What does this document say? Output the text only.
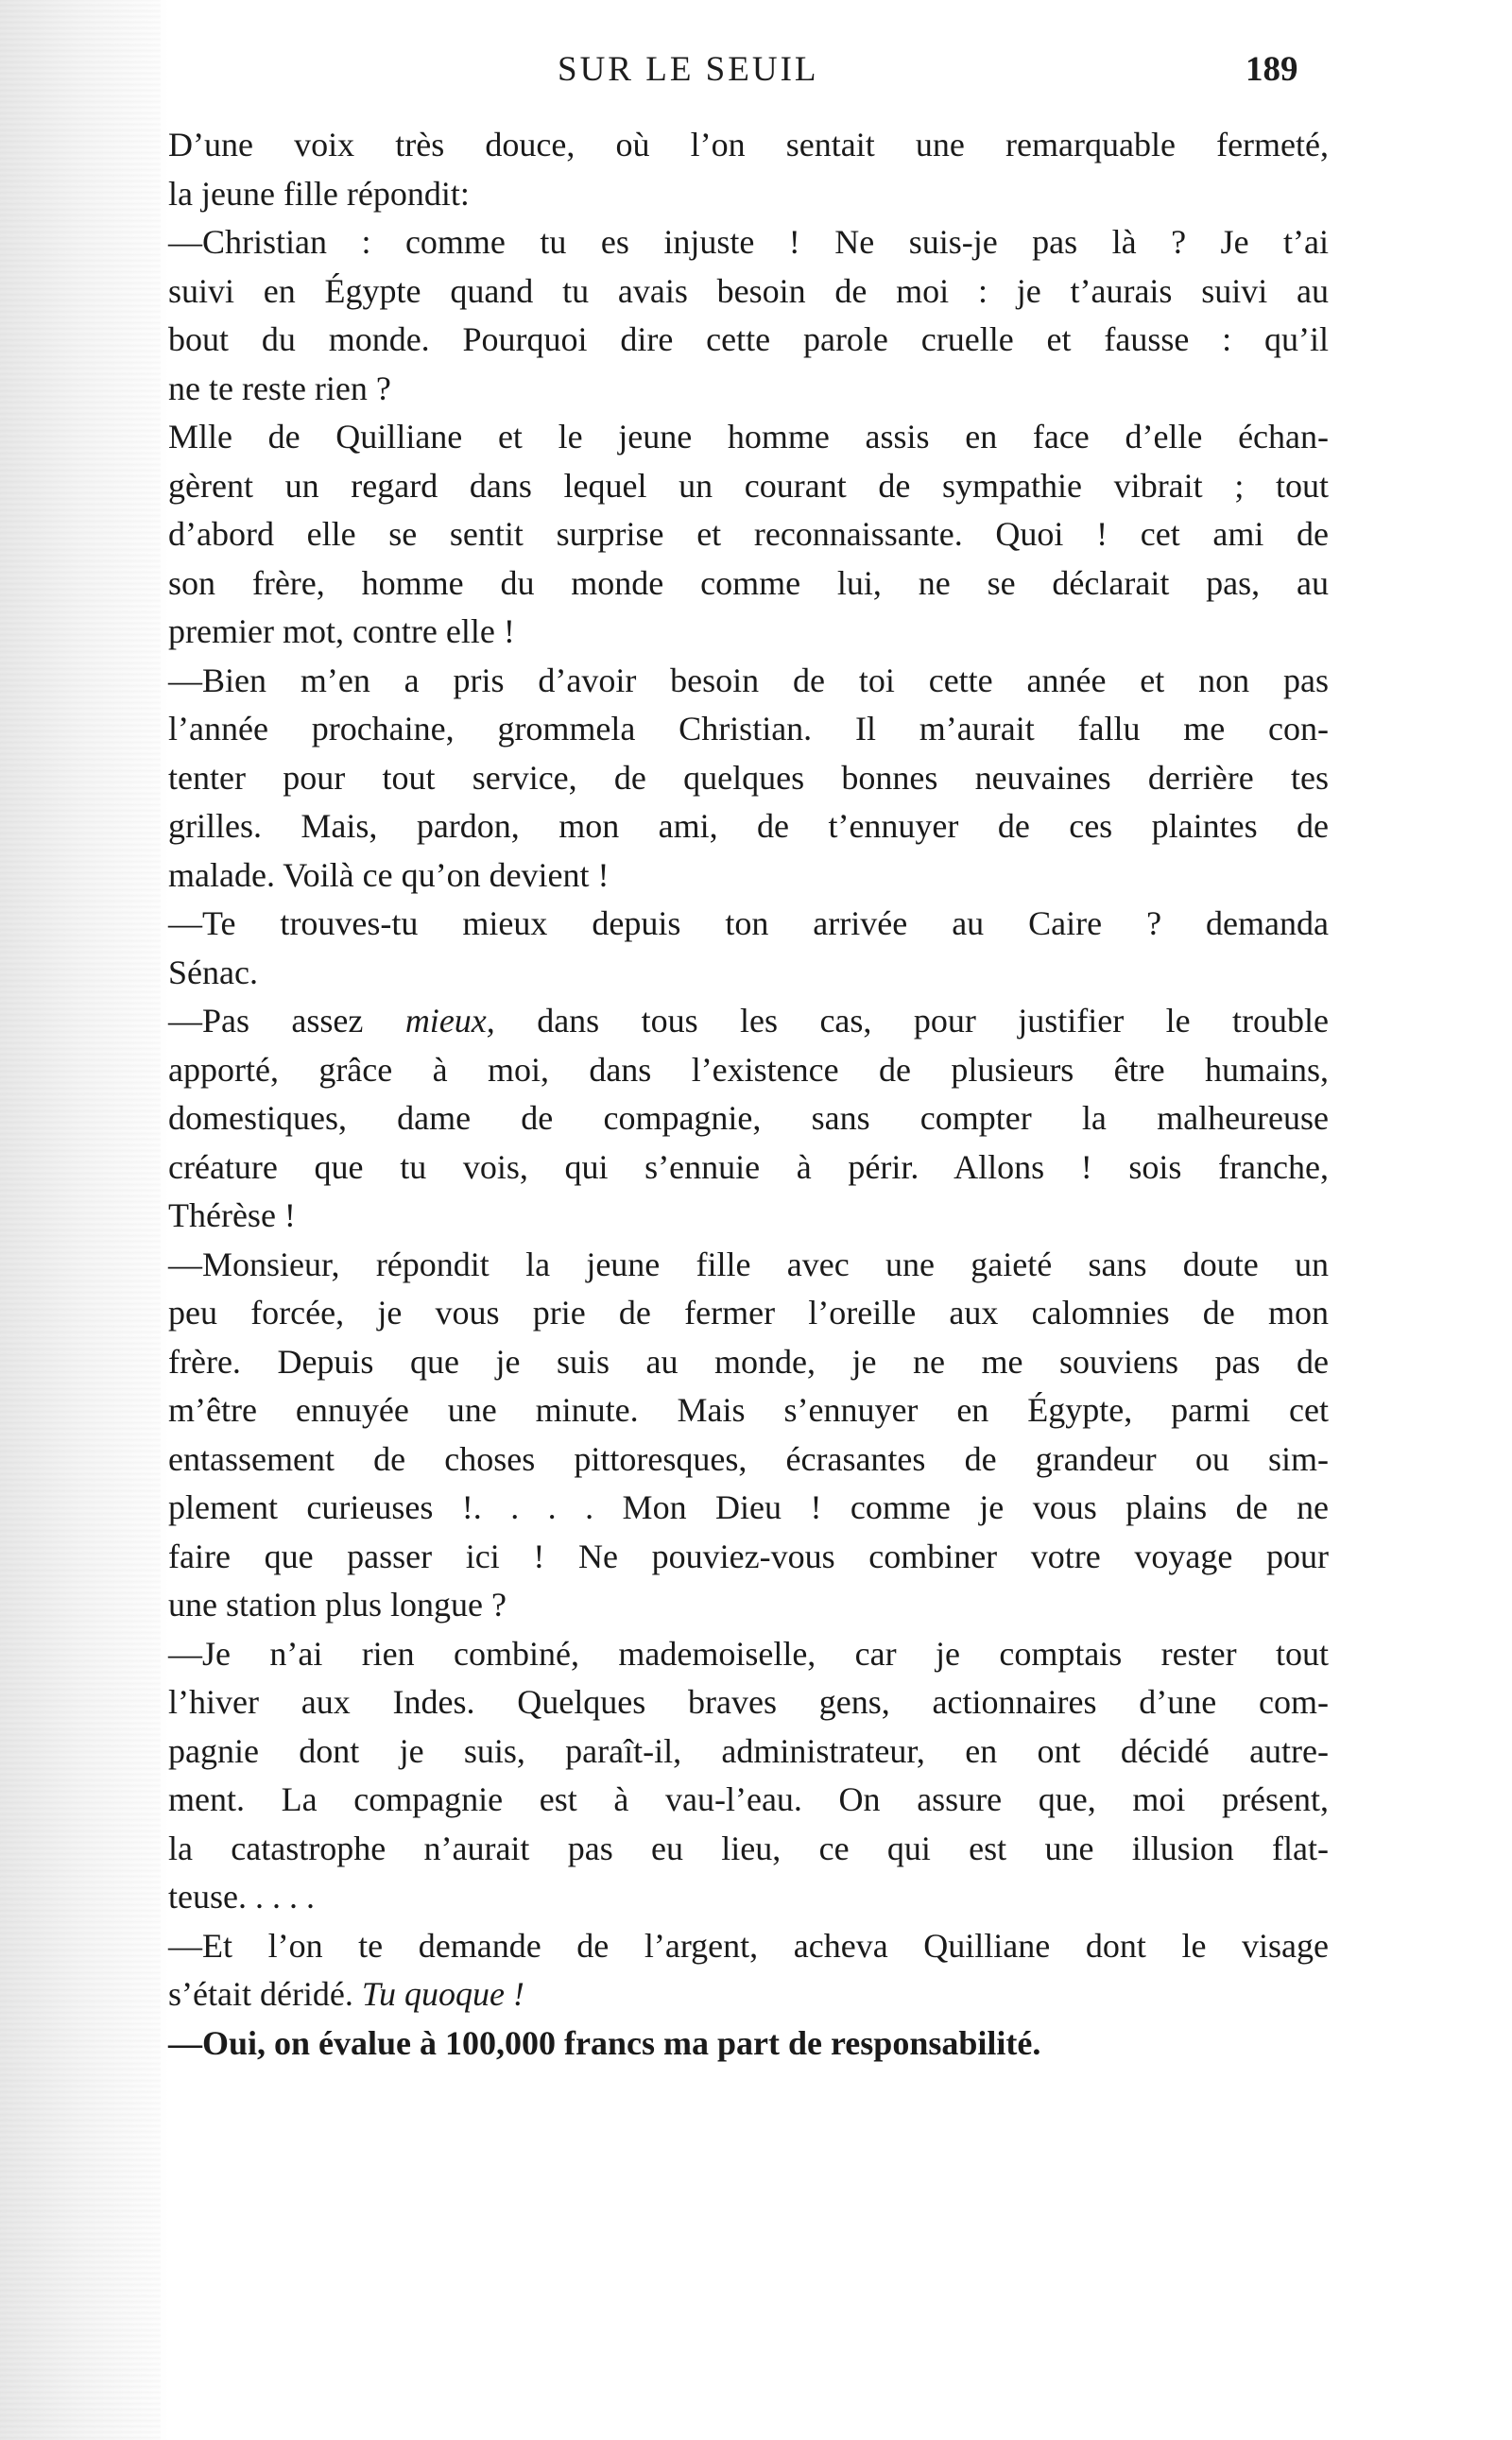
SUR LE SEUIL	189
D’une voix très douce, où l’on sentait une remarquable fermeté,
la jeune fille répondit:
—Christian : comme tu es injuste ! Ne suis-je pas là ? Je t’ai
suivi en Égypte quand tu avais besoin de moi : je t’aurais suivi au
bout du monde. Pourquoi dire cette parole cruelle et fausse : qu’il
ne te reste rien ?
Mlle de Quilliane et le jeune homme assis en face d’elle échan-
gèrent un regard dans lequel un courant de sympathie vibrait ; tout
d’abord elle se sentit surprise et reconnaissante. Quoi ! cet ami de
son frère, homme du monde comme lui, ne se déclarait pas, au
premier mot, contre elle !
—Bien m’en a pris d’avoir besoin de toi cette année et non pas
l’année prochaine, grommela Christian. Il m’aurait fallu me con-
tenter pour tout service, de quelques bonnes neuvaines derrière tes
grilles. Mais, pardon, mon ami, de t’ennuyer de ces plaintes de
malade. Voilà ce qu’on devient !
—Te trouves-tu mieux depuis ton arrivée au Caire ? demanda
Sénac.
—Pas assez mieux, dans tous les cas, pour justifier le trouble
apporté, grâce à moi, dans l’existence de plusieurs être humains,
domestiques, dame de compagnie, sans compter la malheureuse
créature que tu vois, qui s’ennuie à périr. Allons ! sois franche,
Thérèse !
—Monsieur, répondit la jeune fille avec une gaieté sans doute un
peu forcée, je vous prie de fermer l’oreille aux calomnies de mon
frère. Depuis que je suis au monde, je ne me souviens pas de
m’être ennuyée une minute. Mais s’ennuyer en Égypte, parmi cet
entassement de choses pittoresques, écrasantes de grandeur ou sim-
plement curieuses !. . . . Mon Dieu ! comme je vous plains de ne
faire que passer ici ! Ne pouviez-vous combiner votre voyage pour
une station plus longue ?
—Je n’ai rien combiné, mademoiselle, car je comptais rester tout
l’hiver aux Indes. Quelques braves gens, actionnaires d’une com-
pagnie dont je suis, paraît-il, administrateur, en ont décidé autre-
ment. La compagnie est à vau-l’eau. On assure que, moi présent,
la catastrophe n’aurait pas eu lieu, ce qui est une illusion flat-
teuse. . . . .
—Et l’on te demande de l’argent, acheva Quilliane dont le visage
s’était déridé. Tu quoque !
—Oui, on évalue à 100,000 francs ma part de responsabilité.
